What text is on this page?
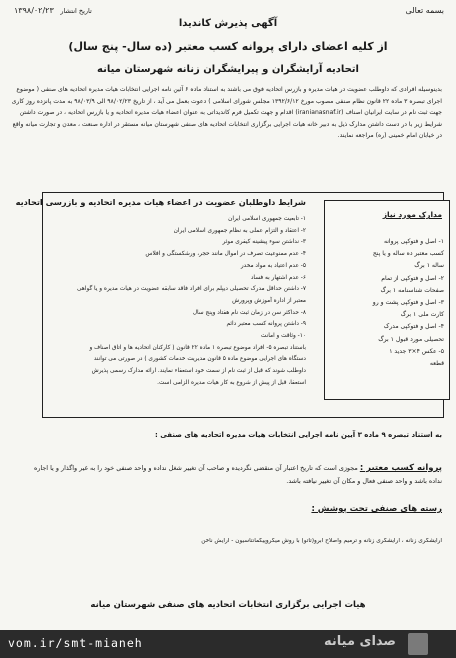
بسمه تعالی
۱۳۹۸/۰۲/۲۳ تاریخ انتشار
آگهی پذیرش کاندیدا
از کلیه اعضای دارای پروانه کسب معتبر (ده سال- پنج سال)
اتحادیه آرایشگران و پیرایشگران زنانه شهرستان میانه
بدینوسیله افرادی که داوطلب عضویت در هیات مدیره و بازرس اتحادیه فوق می باشند به استناد ماده ۶ آئین نامه اجرایی انتخابات هیات مدیره اتحادیه های صنفی ( موضوع اجرای تبصره ۳ ماده ۲۲ قانون نظام صنفی مصوب مورخ ۱۳۹۲/۶/۱۲ مجلس شورای اسلامی ) دعوت بعمل می آید ، از تاریخ ۹۸/۰۲/۲۳ الی ۹۸/۰۳/۹ به مدت پانزده روز کاری جهت ثبت نام در سایت ایرانیان اصناف (iranianasnaf.ir) اقدام و جهت تکمیل فرم کاندیداتی به عنوان اعضاء هیات مدیره اتحادیه و یا بازرس اتحادیه ، در صورت داشتن شرایط زیر با در دست داشتن مدارک ذیل به دبیر خانه هیات اجرایی برگزاری انتخابات اتحادیه های صنفی شهرستان میانه مستقر در اداره صنعت ، معدن و تجارت میانه واقع در خیابان امام خمینی (ره) مراجعه نمایند.
شرایط داوطلبان عضویت در اعضاء هیات مدیره اتحادیه و بازرسی اتحادیه
۱- تابعیت جمهوری اسلامی ایران
۲- اعتقاد و التزام عملی به نظام جمهوری اسلامی ایران
۳- نداشتن سوء پیشینه کیفری موثر
۴- عدم ممنوعیت تصرف در اموال مانند حجر، ورشکستگی و افلاس
۵- عدم اعتیاد به مواد مخدر
۶- عدم اشتهار به فساد
۷- داشتن حداقل مدرک تحصیلی دیپلم برای افراد فاقد سابقه عضویت در هیات مدیره و یا گواهی
معتبر از اداره آموزش وپرورش
۸- حداکثر سن در زمان ثبت نام هفتاد وپنج سال
۹- داشتن پروانه کسب معتبر دائم
۱۰- وثاقت و امانت
باستناد تبصره ۵- افراد موضوع تبصره ۱ ماده ۲۲ قانون ( کارکنان اتحادیه ها و اتاق اصناف و
دستگاه های اجرایی موضوع ماده ۵ قانون مدیریت خدمات کشوری ) در صورتی می توانند
داوطلب شوند که قبل از ثبت نام از سمت خود استعفاء نمایند. ارائه مدارک رسمی پذیرش
استعفا، قبل از پیش از شروع به کار هیات مدیره الزامی است.
مدارک مورد نیاز
۱- اصل و فتوکپی پروانه
کسب معتبر ده ساله و یا پنج
ساله ۱ برگ
۲- اصل و فتوکپی از تمام
صفحات شناسنامه ۱ برگ
۳- اصل و فتوکپی پشت و رو
کارت ملی ۱ برگ
۴- اصل و فتوکپی مدرک
تحصیلی مورد قبول ۱ برگ
۵- عکس ۴×۳ جدید ۱
قطعه
به استناد تبصره ۹ ماده ۳ آیین نامه اجرایی انتخابات هیات مدیره اتحادیه های صنفی :
پروانه کسب معتبر : مجوزی است که تاریخ اعتبار آن منقضی نگردیده و صاحب آن تغییر شغل نداده و واحد صنفی خود را به غیر واگذار و یا اجاره نداده باشد و واحد صنفی فعال و مکان آن تغییر نیافته باشد.
رسته های صنفی تحت پوشش :
آرایشگری زنانه ، آرایشگری زنانه و ترمیم واصلاح ابرو(تاتو) با روش میکروپیگمانتاسیون - آرایش ناخن
هیات اجرایی برگزاری انتخابات اتحادیه های صنفی شهرستان میانه
vom.ir/smt-mianeh	صدای میانه
